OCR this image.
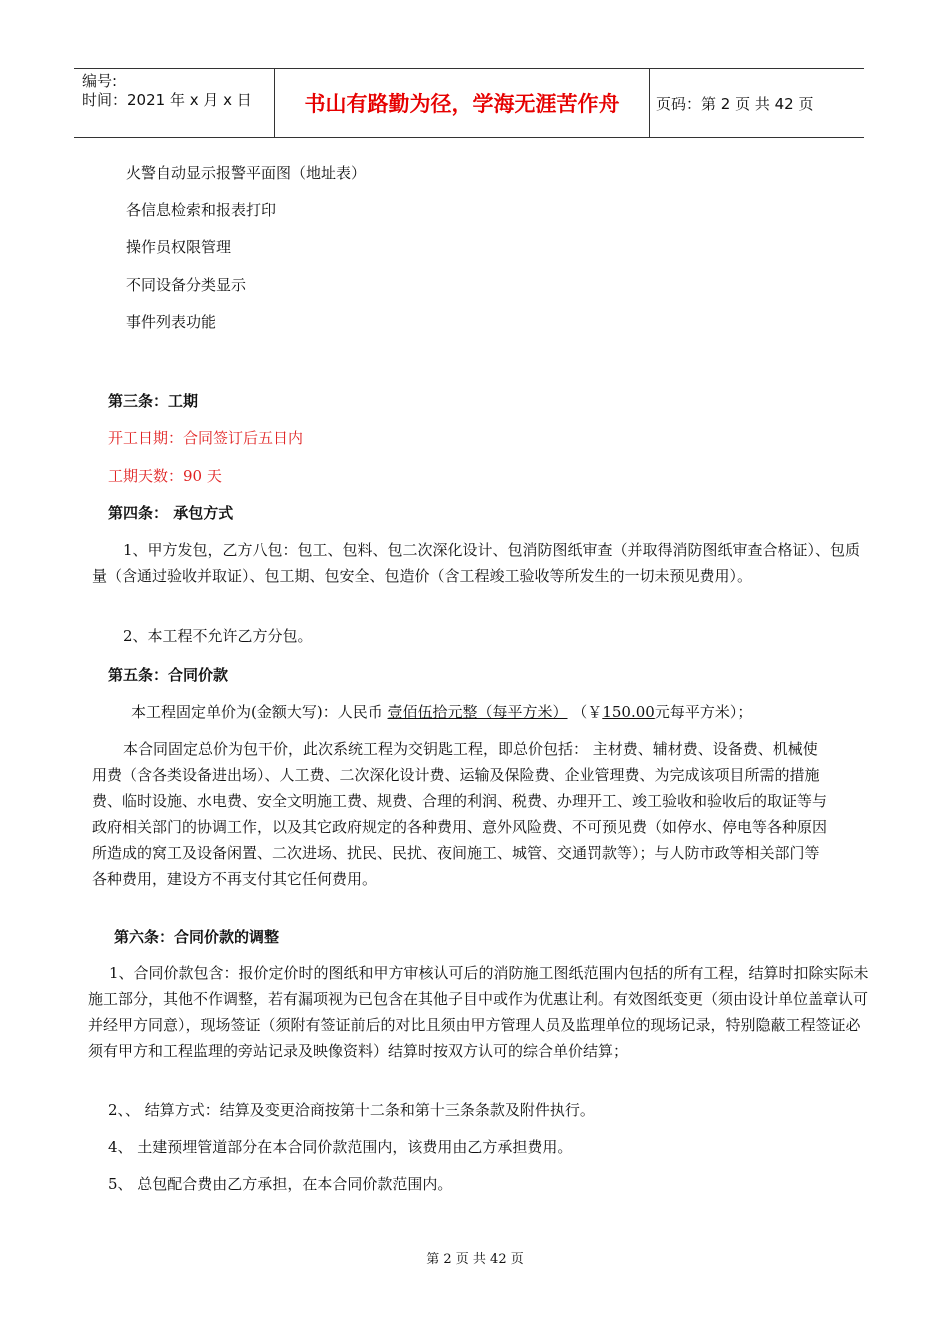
编号:
时间：2021 年 x 月 x 日	书山有路勤为径，学海无涯苦作舟	页码：第 2 页 共 42 页
火警自动显示报警平面图（地址表）
各信息检索和报表打印
操作员权限管理
不同设备分类显示
事件列表功能
第三条：工期
开工日期：合同签订后五日内
工期天数：90 天
第四条： 承包方式
1、甲方发包，乙方八包：包工、包料、包二次深化设计、包消防图纸审查（并取得消防图纸审查合格证）、包质量（含通过验收并取证）、包工期、包安全、包造价（含工程竣工验收等所发生的一切未预见费用）。
2、本工程不允许乙方分包。
第五条：合同价款
本工程固定单价为(金额大写)：人民币 壹佰伍拾元整（每平方米） （￥150.00元每平方米）；
本合同固定总价为包干价，此次系统工程为交钥匙工程，即总价包括： 主材费、辅材费、设备费、机械使用费（含各类设备进出场）、人工费、二次深化设计费、运输及保险费、企业管理费、为完成该项目所需的措施费、临时设施、水电费、安全文明施工费、规费、合理的利润、税费、办理开工、竣工验收和验收后的取证等与政府相关部门的协调工作，以及其它政府规定的各种费用、意外风险费、不可预见费（如停水、停电等各种原因所造成的窝工及设备闲置、二次进场、扰民、民扰、夜间施工、城管、交通罚款等）；与人防市政等相关部门等各种费用，建设方不再支付其它任何费用。
第六条：合同价款的调整
1、合同价款包含：报价定价时的图纸和甲方审核认可后的消防施工图纸范围内包括的所有工程，结算时扣除实际未施工部分，其他不作调整，若有漏项视为已包含在其他子目中或作为优惠让利。有效图纸变更（须由设计单位盖章认可并经甲方同意），现场签证（须附有签证前后的对比且须由甲方管理人员及监理单位的现场记录，特别隐蔽工程签证必须有甲方和工程监理的旁站记录及映像资料）结算时按双方认可的综合单价结算；
2、、 结算方式：结算及变更洽商按第十二条和第十三条条款及附件执行。
4、 土建预埋管道部分在本合同价款范围内，该费用由乙方承担费用。
5、 总包配合费由乙方承担，在本合同价款范围内。
第 2 页 共 42 页
